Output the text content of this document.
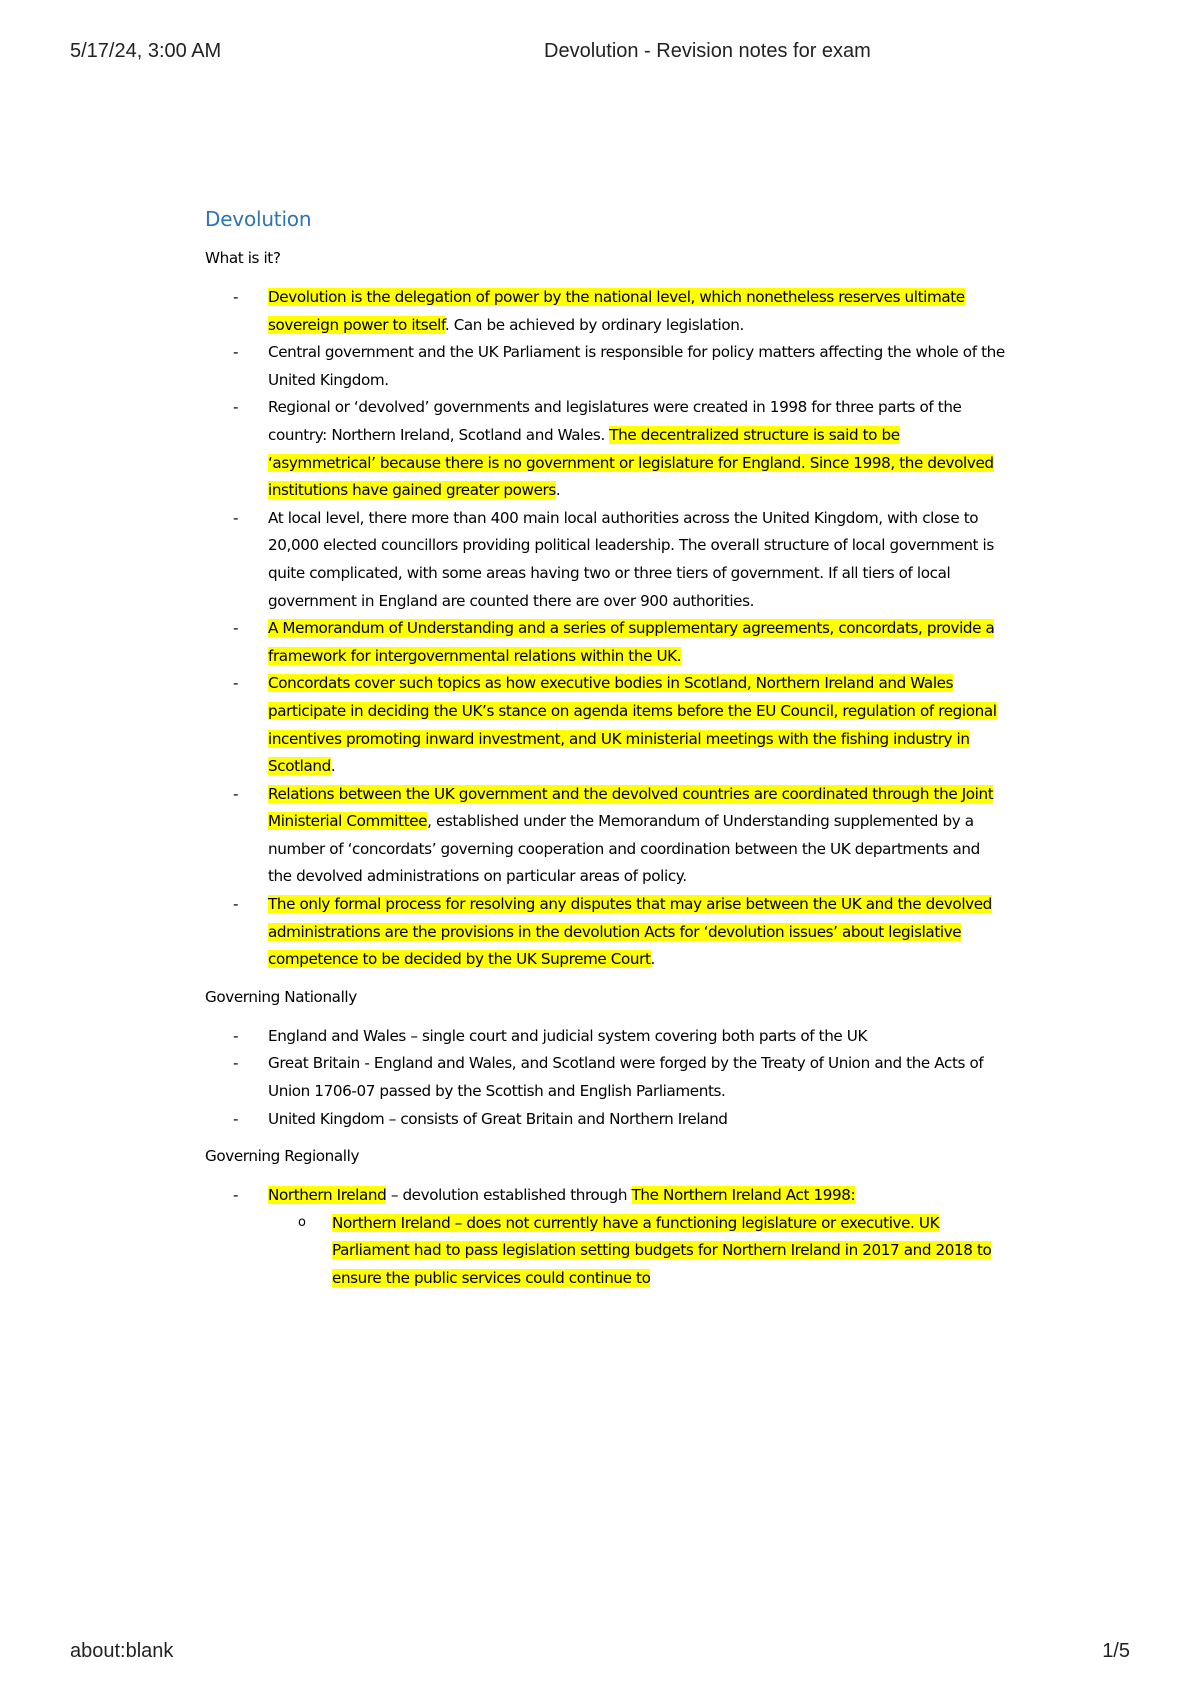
5/17/24, 3:00 AM	Devolution - Revision notes for exam
Devolution
What is it?
- Devolution is the delegation of power by the national level, which nonetheless reserves ultimate sovereign power to itself. Can be achieved by ordinary legislation.
- Central government and the UK Parliament is responsible for policy matters affecting the whole of the United Kingdom.
- Regional or ‘devolved’ governments and legislatures were created in 1998 for three parts of the country: Northern Ireland, Scotland and Wales. The decentralized structure is said to be ‘asymmetrical’ because there is no government or legislature for England. Since 1998, the devolved institutions have gained greater powers.
- At local level, there more than 400 main local authorities across the United Kingdom, with close to 20,000 elected councillors providing political leadership. The overall structure of local government is quite complicated, with some areas having two or three tiers of government. If all tiers of local government in England are counted there are over 900 authorities.
- A Memorandum of Understanding and a series of supplementary agreements, concordats, provide a framework for intergovernmental relations within the UK.
- Concordats cover such topics as how executive bodies in Scotland, Northern Ireland and Wales participate in deciding the UK’s stance on agenda items before the EU Council, regulation of regional incentives promoting inward investment, and UK ministerial meetings with the fishing industry in Scotland.
- Relations between the UK government and the devolved countries are coordinated through the Joint Ministerial Committee, established under the Memorandum of Understanding supplemented by a number of ‘concordats’ governing cooperation and coordination between the UK departments and the devolved administrations on particular areas of policy.
- The only formal process for resolving any disputes that may arise between the UK and the devolved administrations are the provisions in the devolution Acts for ‘devolution issues’ about legislative competence to be decided by the UK Supreme Court.
Governing Nationally
- England and Wales – single court and judicial system covering both parts of the UK
- Great Britain - England and Wales, and Scotland were forged by the Treaty of Union and the Acts of Union 1706-07 passed by the Scottish and English Parliaments.
- United Kingdom – consists of Great Britain and Northern Ireland
Governing Regionally
- Northern Ireland – devolution established through The Northern Ireland Act 1998:
o Northern Ireland – does not currently have a functioning legislature or executive. UK Parliament had to pass legislation setting budgets for Northern Ireland in 2017 and 2018 to ensure the public services could continue to
about:blank	1/5
